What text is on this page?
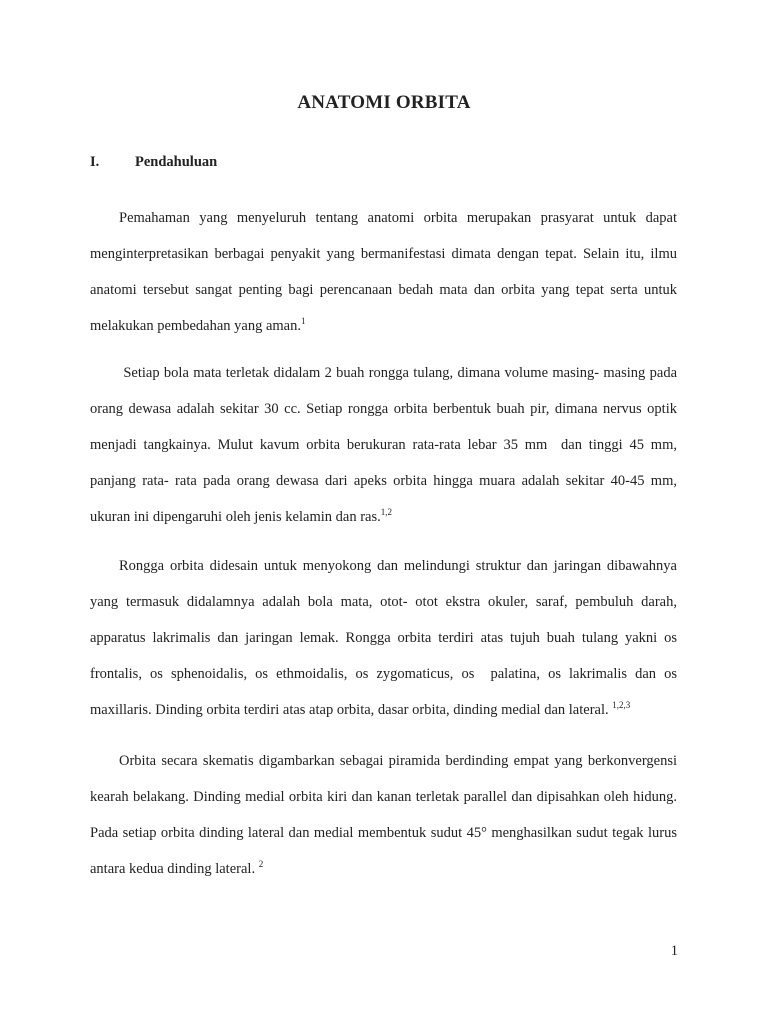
ANATOMI ORBITA
I. Pendahuluan

Pemahaman yang menyeluruh tentang anatomi orbita merupakan prasyarat untuk dapat menginterpretasikan berbagai penyakit yang bermanifestasi dimata dengan tepat. Selain itu, ilmu anatomi tersebut sangat penting bagi perencanaan bedah mata dan orbita yang tepat serta untuk melakukan pembedahan yang aman.$^1$

Setiap bola mata terletak didalam 2 buah rongga tulang, dimana volume masing- masing pada orang dewasa adalah sekitar 30 cc. Setiap rongga orbita berbentuk buah pir, dimana nervus optik menjadi tangkainya. Mulut kavum orbita berukuran rata-rata lebar 35 mm  dan tinggi 45 mm,  panjang rata- rata pada orang dewasa dari apeks orbita hingga muara adalah sekitar 40-45 mm, ukuran ini dipengaruhi oleh jenis kelamin dan ras.$^{1,2}$

Rongga orbita didesain untuk menyokong dan melindungi struktur dan jaringan dibawahnya yang termasuk didalamnya adalah bola mata, otot- otot ekstra okuler, saraf, pembuluh darah, apparatus lakrimalis dan jaringan lemak. Rongga orbita terdiri atas tujuh buah tulang yakni os frontalis, os sphenoidalis, os ethmoidalis, os zygomaticus, os  palatina, os lakrimalis dan os maxillaris. Dinding orbita terdiri atas atap orbita, dasar orbita, dinding medial dan lateral. $^{1,2,3}$

Orbita secara skematis digambarkan sebagai piramida berdinding empat yang berkonvergensi kearah belakang. Dinding medial orbita kiri dan kanan terletak parallel dan dipisahkan oleh hidung. Pada setiap orbita dinding lateral dan medial membentuk sudut 45° menghasilkan sudut tegak lurus antara kedua dinding lateral. $^2$

1
